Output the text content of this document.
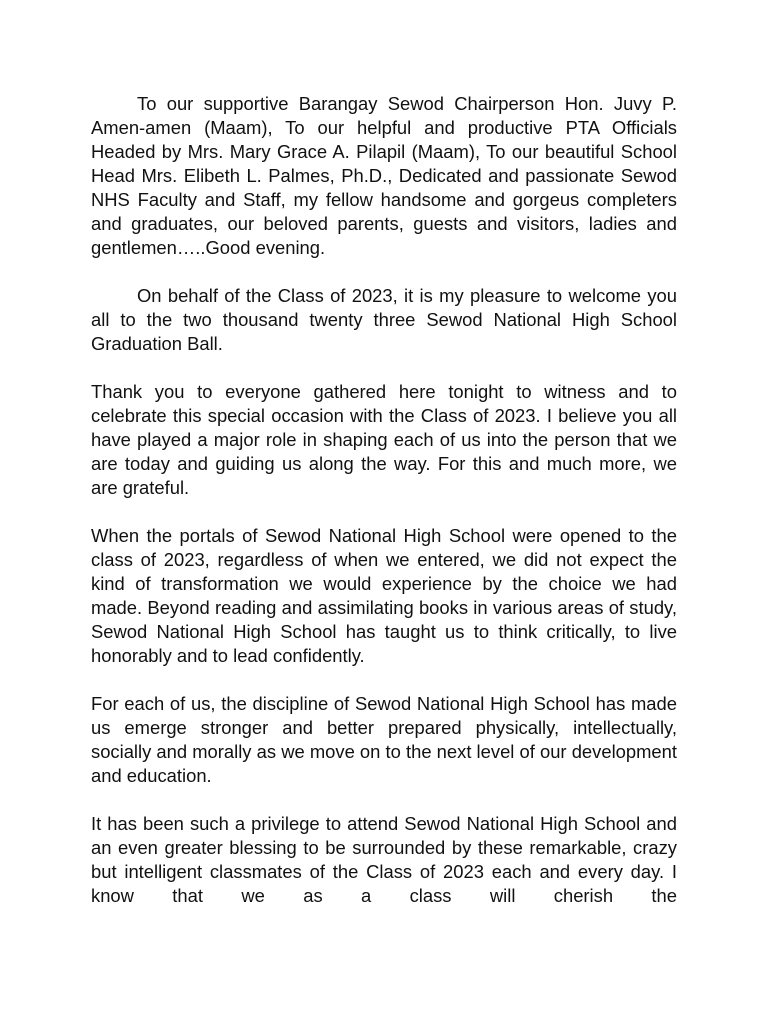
To our supportive Barangay Sewod Chairperson Hon. Juvy P. Amen-amen (Maam), To our helpful and productive PTA Officials Headed by Mrs. Mary Grace A. Pilapil (Maam), To our beautiful School Head Mrs. Elibeth L. Palmes, Ph.D., Dedicated and passionate Sewod NHS Faculty and Staff, my fellow handsome and gorgeus completers and graduates, our beloved parents, guests and visitors, ladies and gentlemen…..Good evening.

On behalf of the Class of 2023, it is my pleasure to welcome you all to the two thousand twenty three Sewod National High School Graduation Ball.

Thank you to everyone gathered here tonight to witness and to celebrate this special occasion with the Class of 2023. I believe you all have played a major role in shaping each of us into the person that we are today and guiding us along the way. For this and much more, we are grateful.

When the portals of Sewod National High School were opened to the class of 2023, regardless of when we entered, we did not expect the kind of transformation we would experience by the choice we had made. Beyond reading and assimilating books in various areas of study, Sewod National High School has taught us to think critically, to live honorably and to lead confidently.

For each of us, the discipline of Sewod National High School has made us emerge stronger and better prepared physically, intellectually, socially and morally as we move on to the next level of our development and education.

It has been such a privilege to attend Sewod National High School and an even greater blessing to be surrounded by these remarkable, crazy but intelligent classmates of the Class of 2023 each and every day. I know that we as a class will cherish the
